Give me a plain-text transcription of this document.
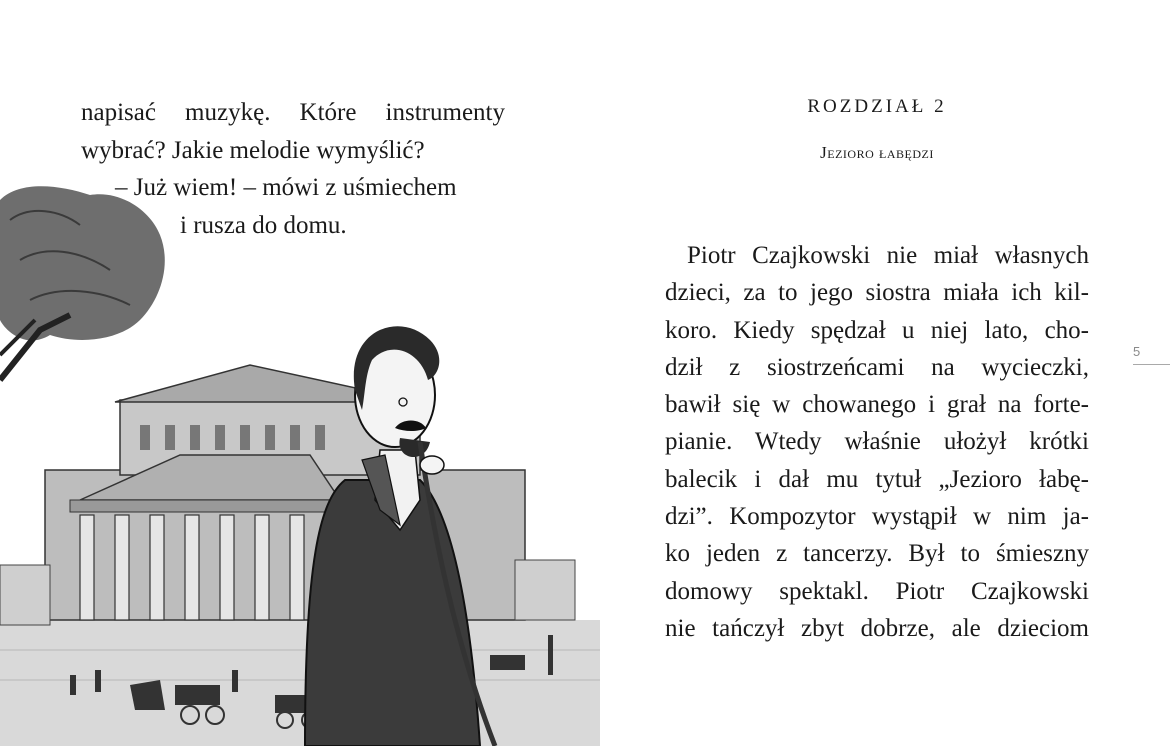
napisać muzykę. Które instrumenty
wybrać? Jakie melodie wymyślić?
– Już wiem! – mówi z uśmiechem
i rusza do domu.
ROZDZIAŁ 2
Jezioro łabędzi
Piotr Czajkowski nie miał własnych
dzieci, za to jego siostra miała ich kil-
koro. Kiedy spędzał u niej lato, cho-
dził z siostrzeńcami na wycieczki,
bawił się w chowanego i grał na forte-
pianie. Wtedy właśnie ułożył krótki
balecik i dał mu tytuł „Jezioro łabę-
dzi”. Kompozytor wystąpił w nim ja-
ko jeden z tancerzy. Był to śmieszny
domowy spektakl. Piotr Czajkowski
nie tańczył zbyt dobrze, ale dzieciom
5
